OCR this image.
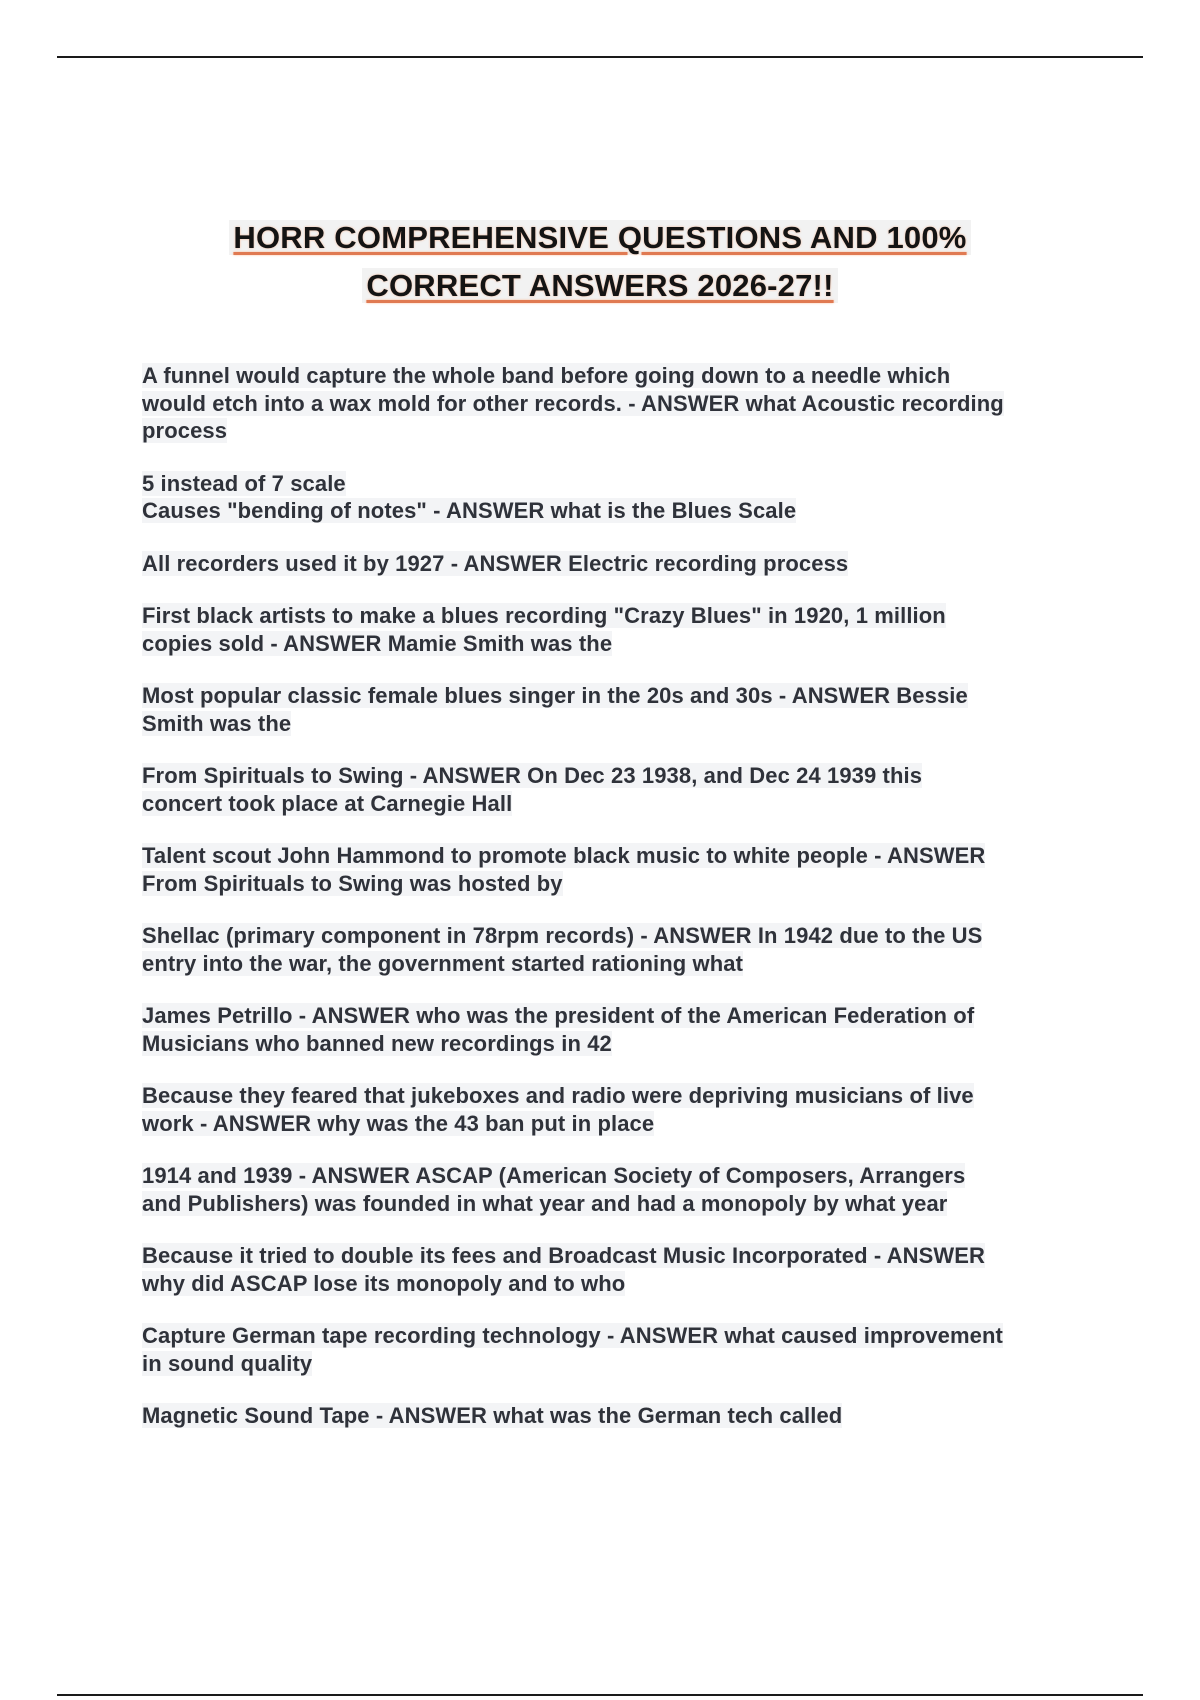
HORR COMPREHENSIVE QUESTIONS AND 100%
CORRECT ANSWERS 2026-27!!
A funnel would capture the whole band before going down to a needle which
would etch into a wax mold for other records. - ANSWER what Acoustic recording
process
5 instead of 7 scale
Causes "bending of notes" - ANSWER what is the Blues Scale
All recorders used it by 1927 - ANSWER Electric recording process
First black artists to make a blues recording "Crazy Blues" in 1920, 1 million
copies sold - ANSWER Mamie Smith was the
Most popular classic female blues singer in the 20s and 30s - ANSWER Bessie
Smith was the
From Spirituals to Swing - ANSWER On Dec 23 1938, and Dec 24 1939 this
concert took place at Carnegie Hall
Talent scout John Hammond to promote black music to white people - ANSWER
From Spirituals to Swing was hosted by
Shellac (primary component in 78rpm records) - ANSWER In 1942 due to the US
entry into the war, the government started rationing what
James Petrillo - ANSWER who was the president of the American Federation of
Musicians who banned new recordings in 42
Because they feared that jukeboxes and radio were depriving musicians of live
work - ANSWER why was the 43 ban put in place
1914 and 1939 - ANSWER ASCAP (American Society of Composers, Arrangers
and Publishers) was founded in what year and had a monopoly by what year
Because it tried to double its fees and Broadcast Music Incorporated - ANSWER
why did ASCAP lose its monopoly and to who
Capture German tape recording technology - ANSWER what caused improvement
in sound quality
Magnetic Sound Tape - ANSWER what was the German tech called
